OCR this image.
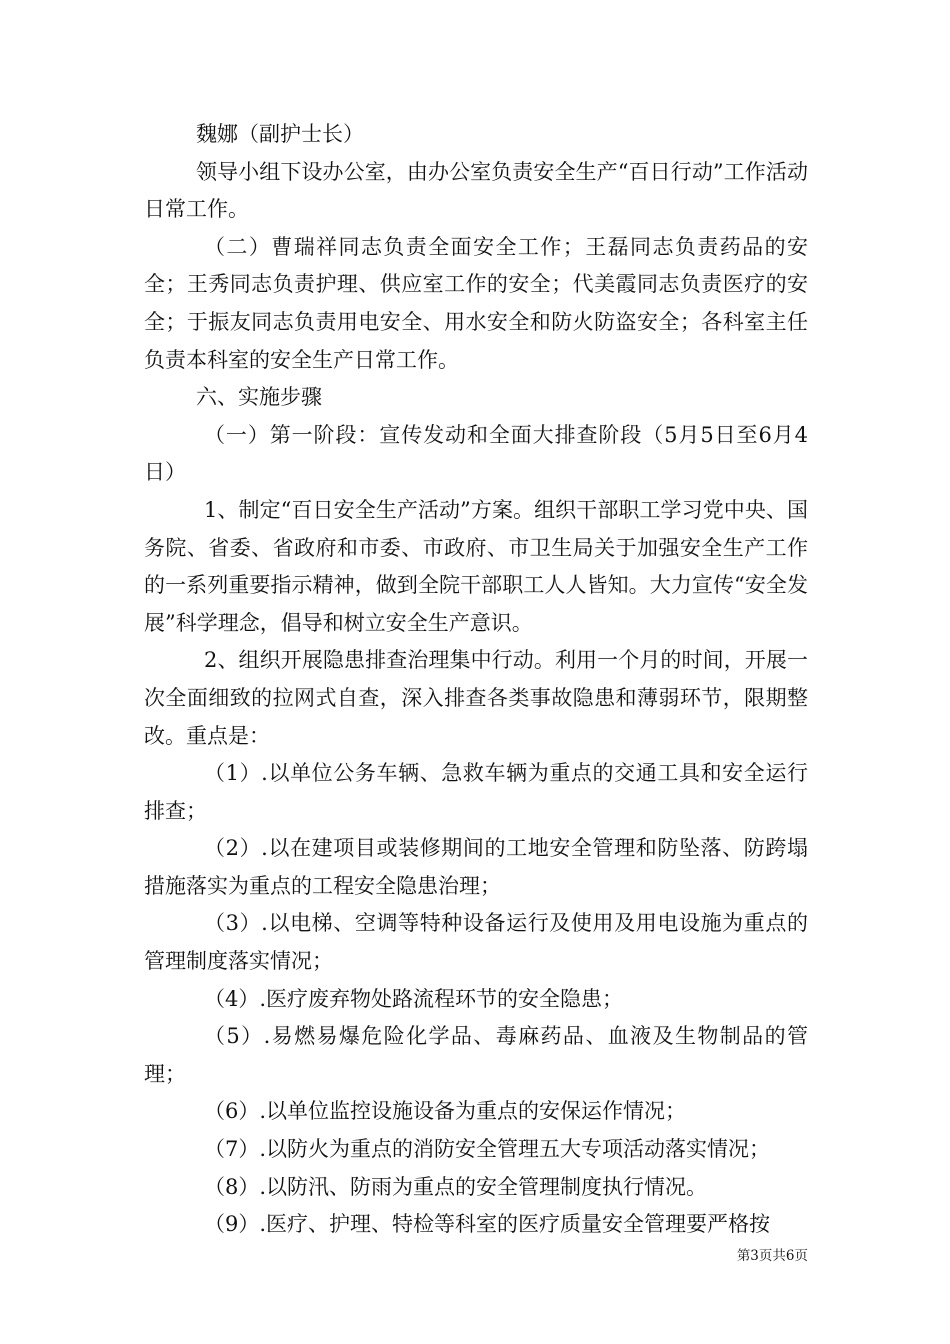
魏娜（副护士长）

领导小组下设办公室，由办公室负责安全生产“百日行动”工作活动日常工作。

（二）曹瑞祥同志负责全面安全工作；王磊同志负责药品的安全；王秀同志负责护理、供应室工作的安全；代美霞同志负责医疗的安全；于振友同志负责用电安全、用水安全和防火防盗安全；各科室主任负责本科室的安全生产日常工作。

六、实施步骤

（一）第一阶段：宣传发动和全面大排查阶段（5月5日至6月4日）

1、制定“百日安全生产活动”方案。组织干部职工学习党中央、国务院、省委、省政府和市委、市政府、市卫生局关于加强安全生产工作的一系列重要指示精神，做到全院干部职工人人皆知。大力宣传“安全发展”科学理念，倡导和树立安全生产意识。

2、组织开展隐患排查治理集中行动。利用一个月的时间，开展一次全面细致的拉网式自查，深入排查各类事故隐患和薄弱环节，限期整改。重点是：

（1）.以单位公务车辆、急救车辆为重点的交通工具和安全运行排查；

（2）.以在建项目或装修期间的工地安全管理和防坠落、防跨塌措施落实为重点的工程安全隐患治理；

（3）.以电梯、空调等特种设备运行及使用及用电设施为重点的管理制度落实情况；

（4）.医疗废弃物处路流程环节的安全隐患；

（5）.易燃易爆危险化学品、毒麻药品、血液及生物制品的管理；

（6）.以单位监控设施设备为重点的安保运作情况；

（7）.以防火为重点的消防安全管理五大专项活动落实情况；

（8）.以防汛、防雨为重点的安全管理制度执行情况。

（9）.医疗、护理、特检等科室的医疗质量安全管理要严格按

第3页共6页
